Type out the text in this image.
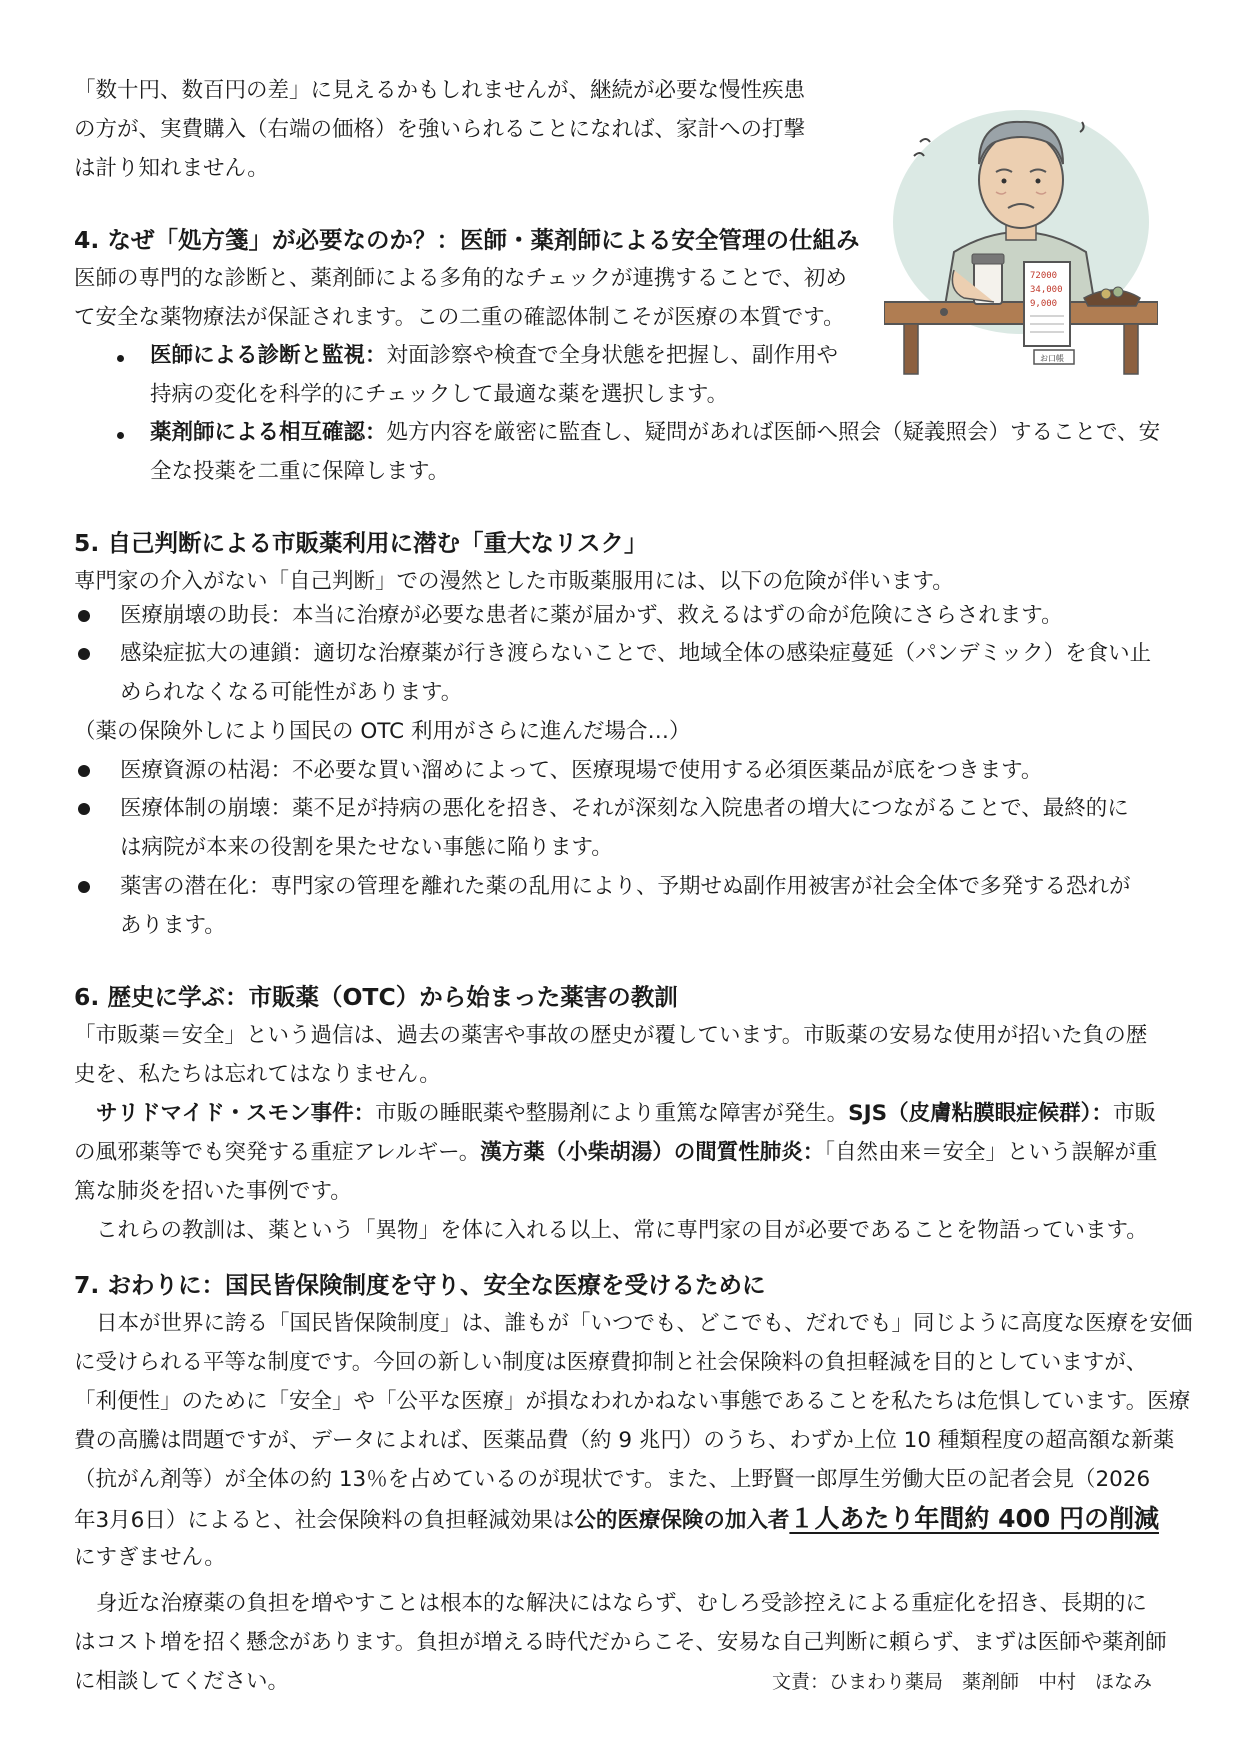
「数十円、数百円の差」に見えるかもしれませんが、継続が必要な慢性疾患

の方が、実費購入（右端の価格）を強いられることになれば、家計への打撃

は計り知れません。

72000
34,000
9,000
お口帳
4. なぜ「処方箋」が必要なのか？：医師・薬剤師による安全管理の仕組み

医師の専門的な診断と、薬剤師による多角的なチェックが連携することで、初め

て安全な薬物療法が保証されます。この二重の確認体制こそが医療の本質です。

医師による診断と監視：対面診察や検査で全身状態を把握し、副作用や

持病の変化を科学的にチェックして最適な薬を選択します。

薬剤師による相互確認：処方内容を厳密に監査し、疑問があれば医師へ照会（疑義照会）することで、安

全な投薬を二重に保障します。

5. 自己判断による市販薬利用に潜む「重大なリスク」

専門家の介入がない「自己判断」での漫然とした市販薬服用には、以下の危険が伴います。

医療崩壊の助長：本当に治療が必要な患者に薬が届かず、救えるはずの命が危険にさらされます。

感染症拡大の連鎖：適切な治療薬が行き渡らないことで、地域全体の感染症蔓延（パンデミック）を食い止

められなくなる可能性があります。

（薬の保険外しにより国民の OTC 利用がさらに進んだ場合…）

医療資源の枯渇：不必要な買い溜めによって、医療現場で使用する必須医薬品が底をつきます。

医療体制の崩壊：薬不足が持病の悪化を招き、それが深刻な入院患者の増大につながることで、最終的に

は病院が本来の役割を果たせない事態に陥ります。

薬害の潜在化：専門家の管理を離れた薬の乱用により、予期せぬ副作用被害が社会全体で多発する恐れが

あります。

6. 歴史に学ぶ：市販薬（OTC）から始まった薬害の教訓

「市販薬＝安全」という過信は、過去の薬害や事故の歴史が覆しています。市販薬の安易な使用が招いた負の歴

史を、私たちは忘れてはなりません。

サリドマイド・スモン事件：市販の睡眠薬や整腸剤により重篤な障害が発生。SJS（皮膚粘膜眼症候群）：市販

の風邪薬等でも突発する重症アレルギー。漢方薬（小柴胡湯）の間質性肺炎：「自然由来＝安全」という誤解が重

篤な肺炎を招いた事例です。

これらの教訓は、薬という「異物」を体に入れる以上、常に専門家の目が必要であることを物語っています。

7. おわりに：国民皆保険制度を守り、安全な医療を受けるために

日本が世界に誇る「国民皆保険制度」は、誰もが「いつでも、どこでも、だれでも」同じように高度な医療を安価

に受けられる平等な制度です。今回の新しい制度は医療費抑制と社会保険料の負担軽減を目的としていますが、

「利便性」のために「安全」や「公平な医療」が損なわれかねない事態であることを私たちは危惧しています。医療

費の高騰は問題ですが、データによれば、医薬品費（約 9 兆円）のうち、わずか上位 10 種類程度の超高額な新薬

（抗がん剤等）が全体の約 13％を占めているのが現状です。また、上野賢一郎厚生労働大臣の記者会見（2026

年3月6日）によると、社会保険料の負担軽減効果は公的医療保険の加入者１人あたり年間約 400 円の削減

にすぎません。

身近な治療薬の負担を増やすことは根本的な解決にはならず、むしろ受診控えによる重症化を招き、長期的に

はコスト増を招く懸念があります。負担が増える時代だからこそ、安易な自己判断に頼らず、まずは医師や薬剤師

に相談してください。	文責：ひまわり薬局　薬剤師　中村　ほなみ
